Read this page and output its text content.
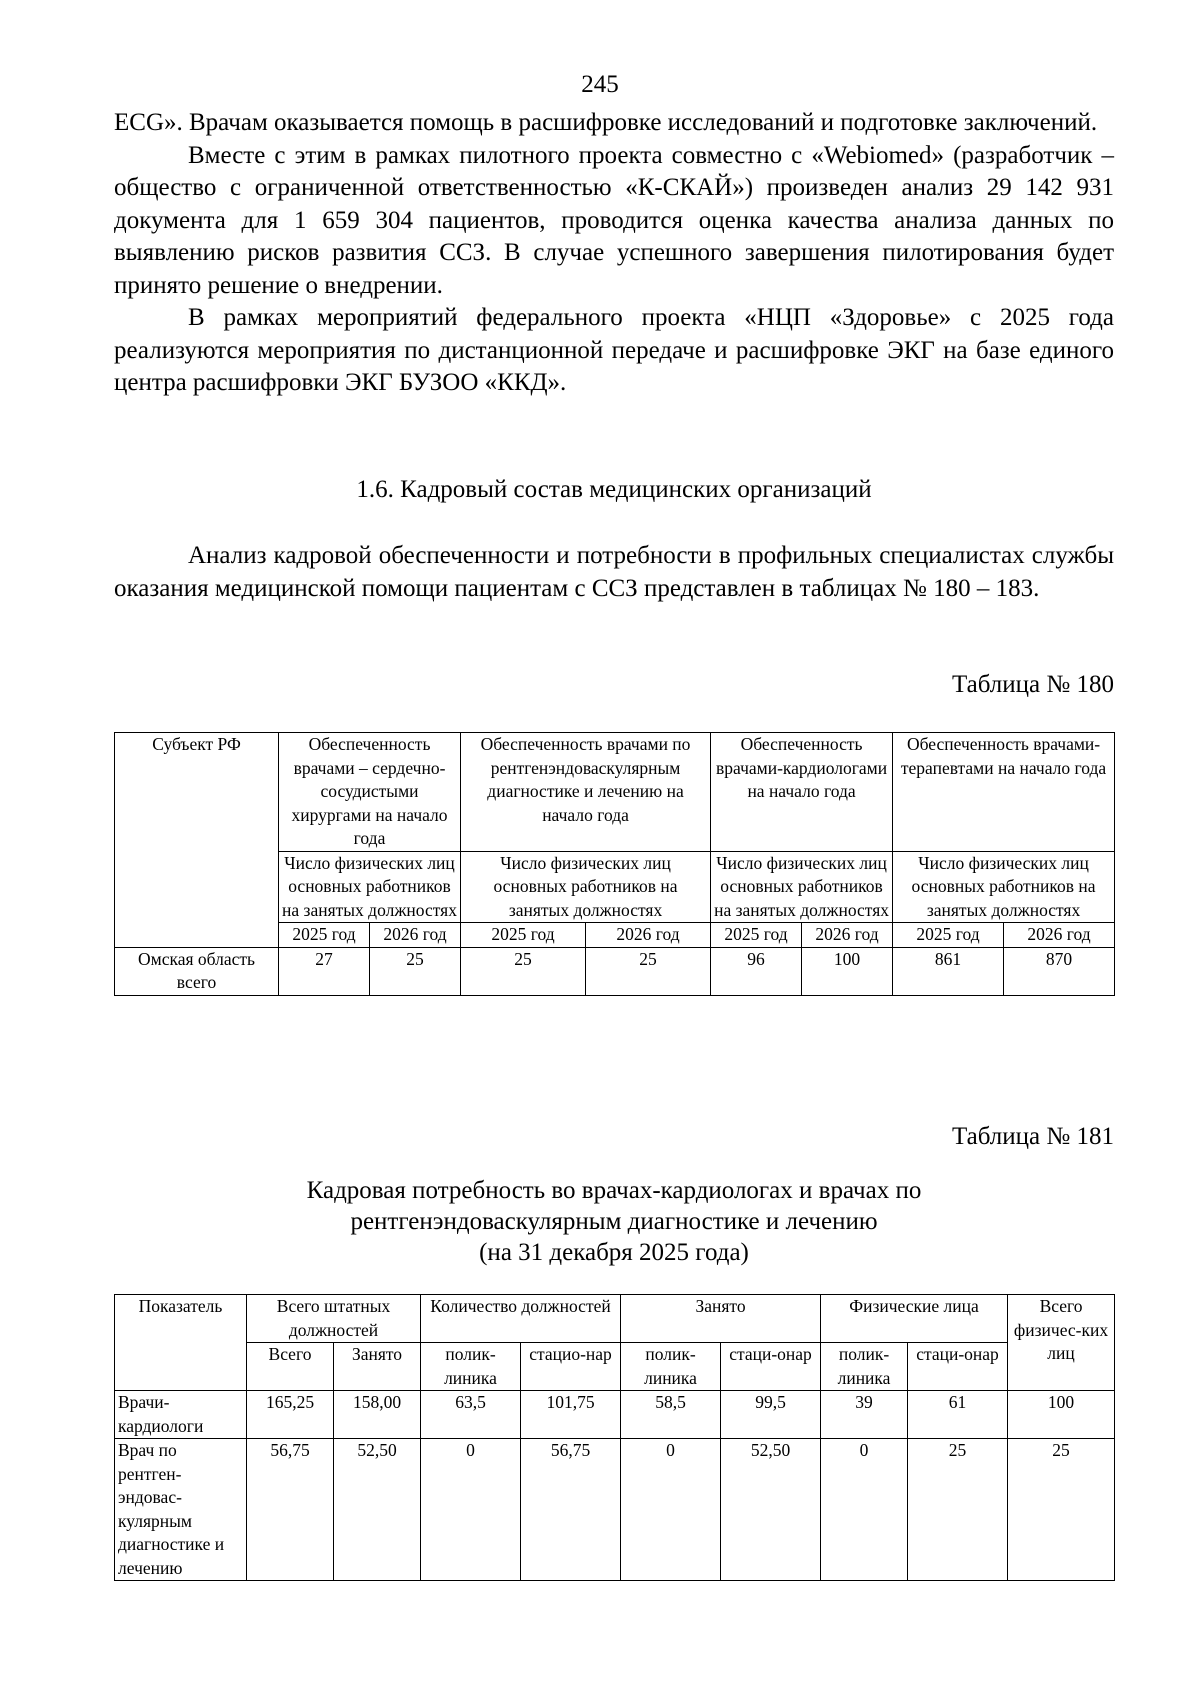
245

ECG». Врачам оказывается помощь в расшифровке исследований и подготовке заключений.

Вместе с этим в рамках пилотного проекта совместно с «Webiomed» (разработчик – общество с ограниченной ответственностью «К-СКАЙ») произведен анализ 29 142 931 документа для 1 659 304 пациентов, проводится оценка качества анализа данных по выявлению рисков развития ССЗ. В случае успешного завершения пилотирования будет принято решение о внедрении.

В рамках мероприятий федерального проекта «НЦП «Здоровье» с 2025 года реализуются мероприятия по дистанционной передаче и расшифровке ЭКГ на базе единого центра расшифровки ЭКГ БУЗОО «ККД».

1.6. Кадровый состав медицинских организаций

Анализ кадровой обеспеченности и потребности в профильных специалистах службы оказания медицинской помощи пациентам с ССЗ представлен в таблицах № 180 – 183.

Таблица № 180
Субъект РФ	Обеспеченность врачами – сердечно-сосудистыми хирургами на начало года		Обеспеченность врачами по рентгенэндоваскулярным диагностике и лечению на начало года		Обеспеченность врачами-кардиологами на начало года		Обеспеченность врачами-терапевтами на начало года	
	Число физических лиц основных работников на занятых должностях		Число физических лиц основных работников на занятых должностях		Число физических лиц основных работников на занятых должностях		Число физических лиц основных работников на занятых должностях	
	2025 год	2026 год	2025 год	2026 год	2025 год	2026 год	2025 год	2026 год
Омская область всего	27	25	25	25	96	100	861	870
Таблица № 181
Кадровая потребность во врачах-кардиологах и врачах по
рентгенэндоваскулярным диагностике и лечению
(на 31 декабря 2025 года)
Показатель	Всего штатных должностей		Количество должностей		Занято		Физические лица		Всего физичес-ких лиц
	Всего	Занято	полик-линика	стацио-нар	полик-линика	стаци-онар	полик-линика	стаци-онар	
Врачи-кардиологи	165,25	158,00	63,5	101,75	58,5	99,5	39	61	100
Врач по рентген-эндовас-кулярным диагностике и лечению	56,75	52,50	0	56,75	0	52,50	0	25	25
